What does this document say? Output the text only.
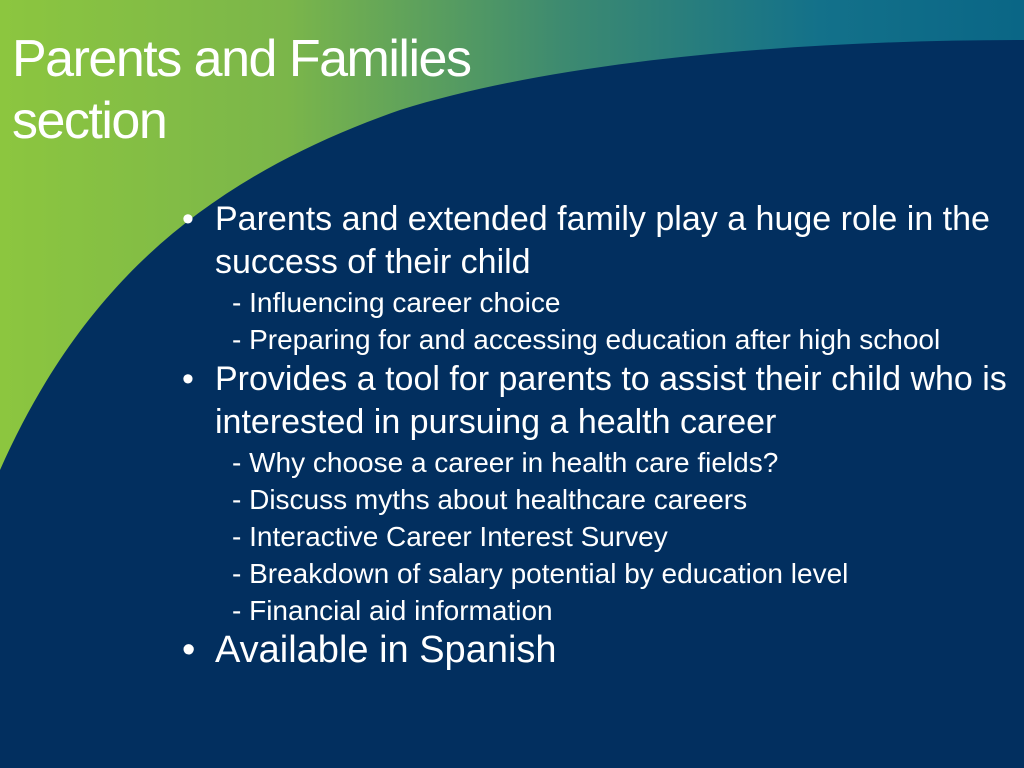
Parents and Families
section

• Parents and extended family play a huge role in the success of their child

- Influencing career choice
- Preparing for and accessing education after high school

• Provides a tool for parents to assist their child who is interested in pursuing a health career

- Why choose a career in health care fields?
- Discuss myths about healthcare careers
- Interactive Career Interest Survey
- Breakdown of salary potential by education level
- Financial aid information

• Available in Spanish
